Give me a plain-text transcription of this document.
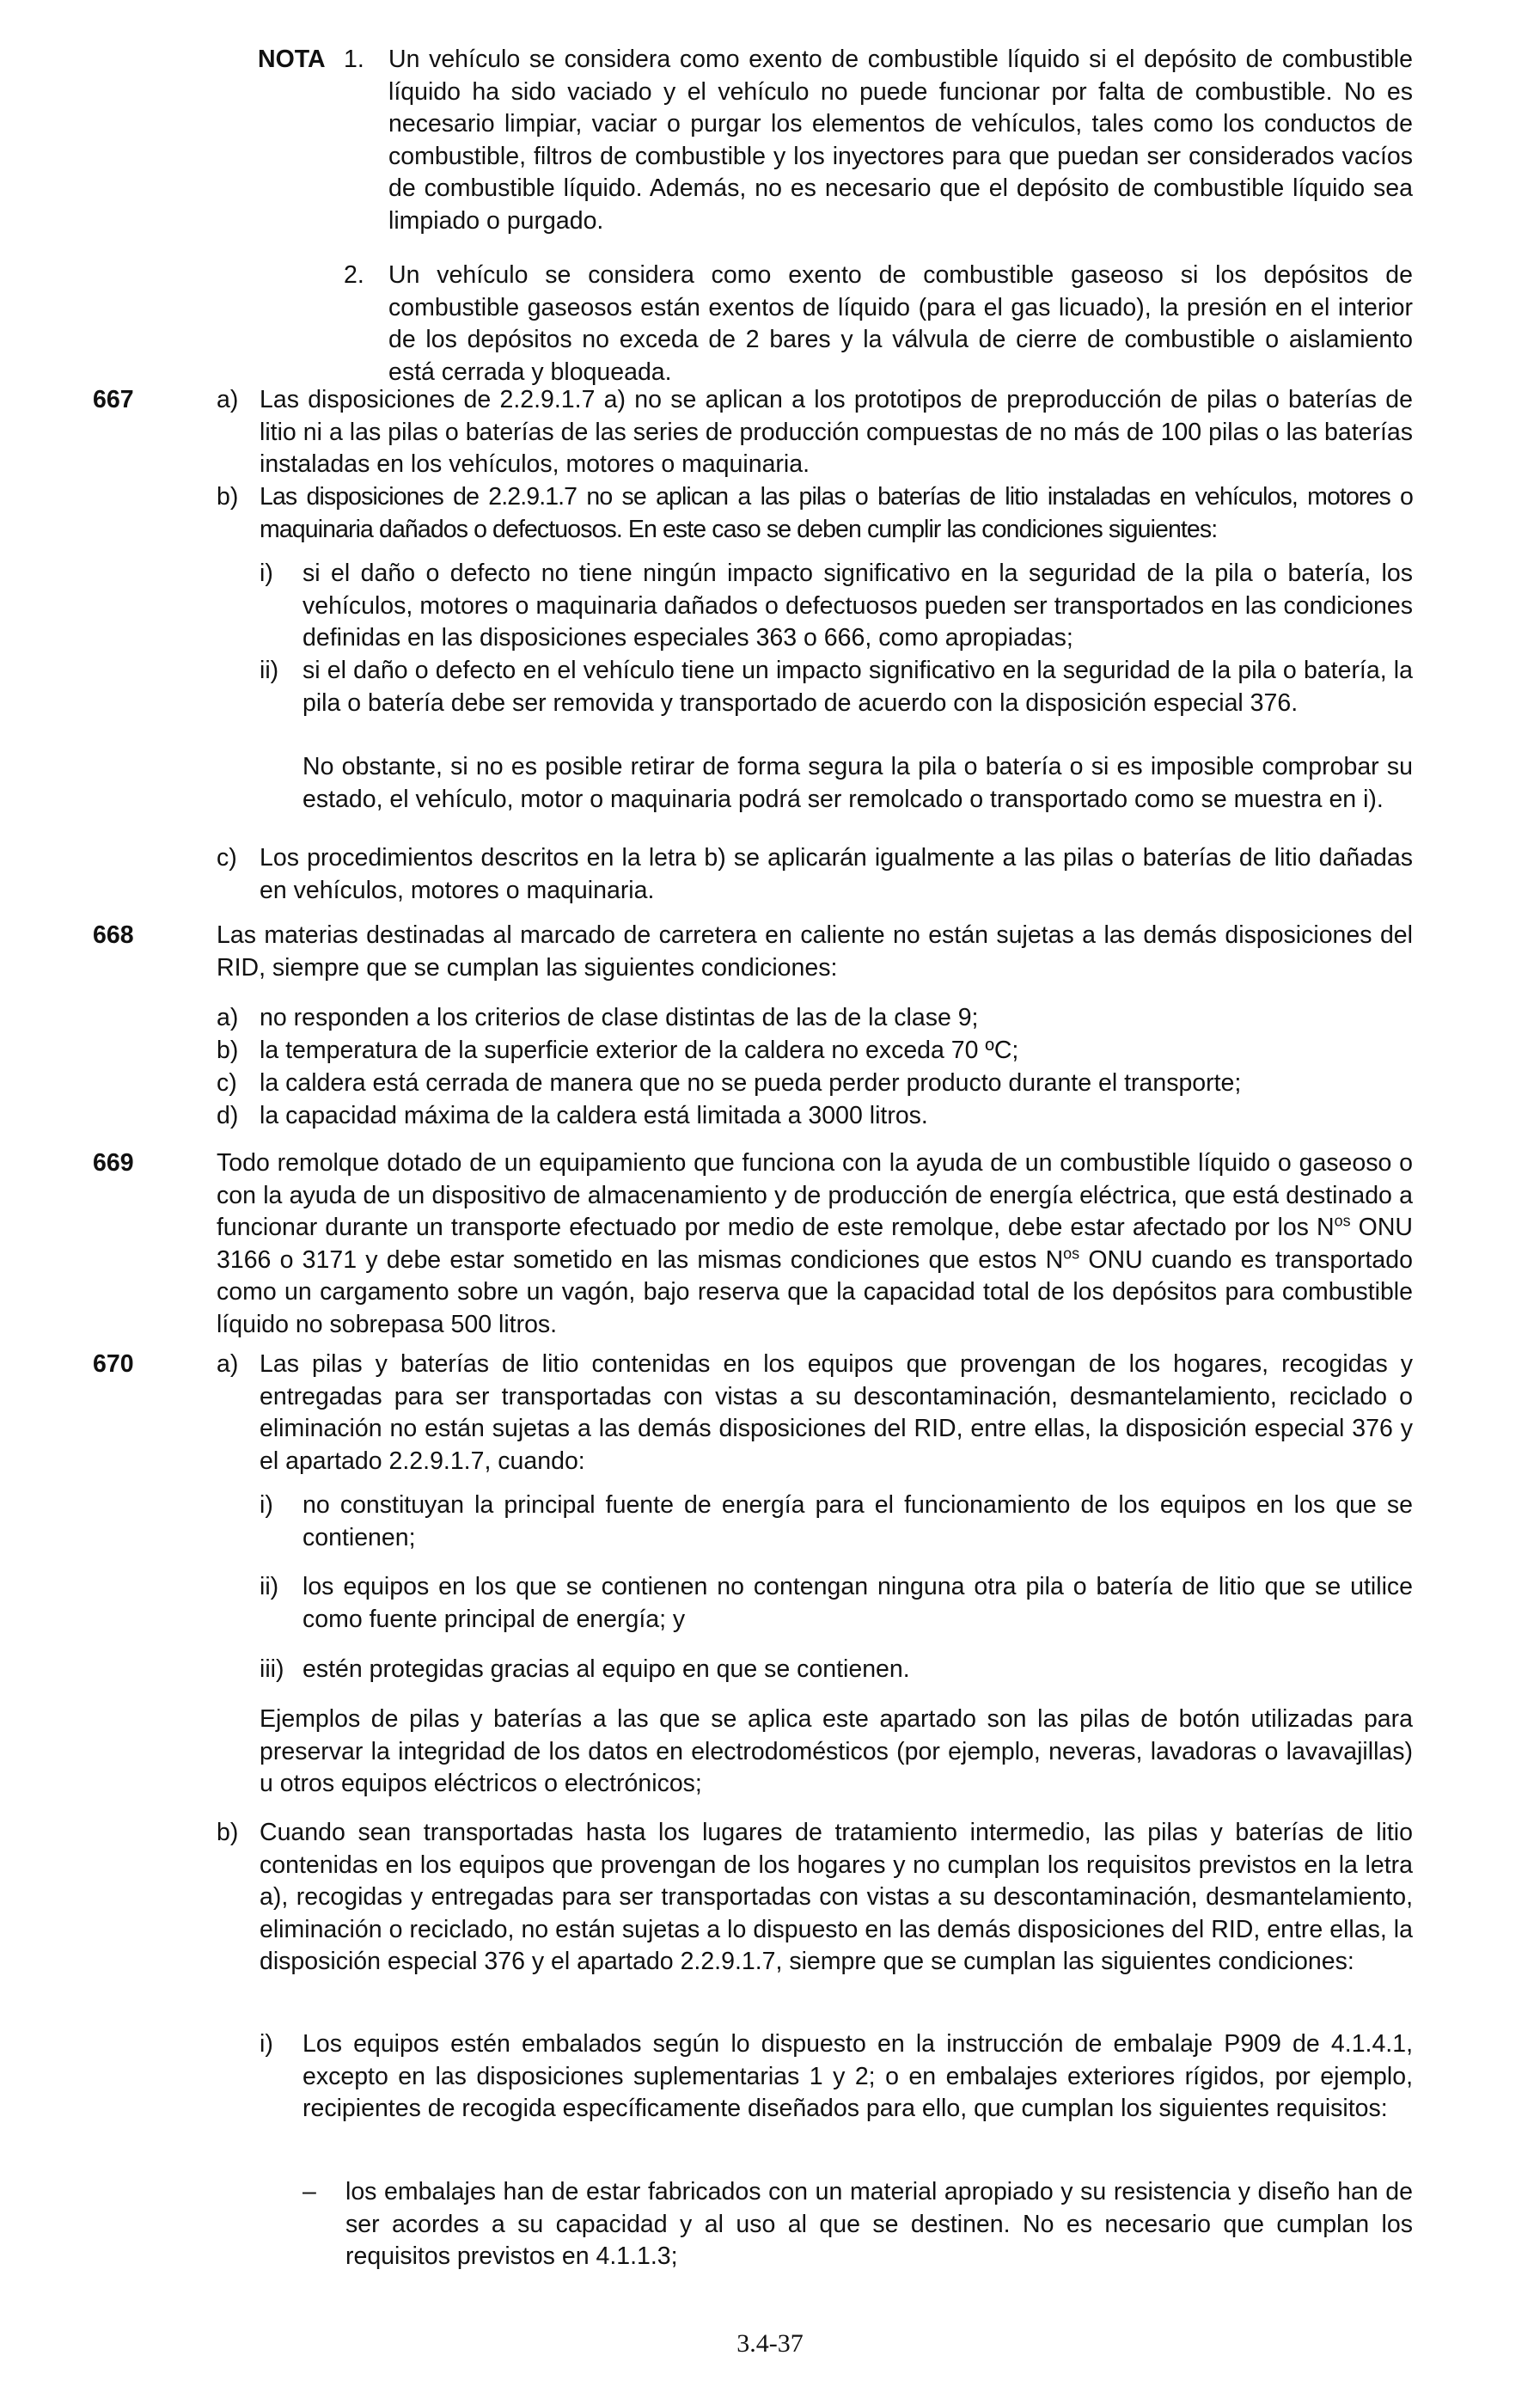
NOTA 1. Un vehículo se considera como exento de combustible líquido si el depósito de combustible líquido ha sido vaciado y el vehículo no puede funcionar por falta de combustible. No es necesario limpiar, vaciar o purgar los elementos de vehículos, tales como los conductos de combustible, filtros de combustible y los inyectores para que puedan ser considerados vacíos de combustible líquido. Además, no es necesario que el depósito de combustible líquido sea limpiado o purgado.

2. Un vehículo se considera como exento de combustible gaseoso si los depósitos de combustible gaseosos están exentos de líquido (para el gas licuado), la presión en el interior de los depósitos no exceda de 2 bares y la válvula de cierre de combustible o aislamiento está cerrada y bloqueada.

667	a) Las disposiciones de 2.2.9.1.7 a) no se aplican a los prototipos de preproducción de pilas o baterías de litio ni a las pilas o baterías de las series de producción compuestas de no más de 100 pilas o las baterías instaladas en los vehículos, motores o maquinaria.

b) Las disposiciones de 2.2.9.1.7 no se aplican a las pilas o baterías de litio instaladas en vehículos, motores o maquinaria dañados o defectuosos. En este caso se deben cumplir las condiciones siguientes:

i) si el daño o defecto no tiene ningún impacto significativo en la seguridad de la pila o batería, los vehículos, motores o maquinaria dañados o defectuosos pueden ser transportados en las condiciones definidas en las disposiciones especiales 363 o 666, como apropiadas;

ii) si el daño o defecto en el vehículo tiene un impacto significativo en la seguridad de la pila o batería, la pila o batería debe ser removida y transportado de acuerdo con la disposición especial 376.

No obstante, si no es posible retirar de forma segura la pila o batería o si es imposible comprobar su estado, el vehículo, motor o maquinaria podrá ser remolcado o transportado como se muestra en i).

c) Los procedimientos descritos en la letra b) se aplicarán igualmente a las pilas o baterías de litio dañadas en vehículos, motores o maquinaria.

668	Las materias destinadas al marcado de carretera en caliente no están sujetas a las demás disposiciones del RID, siempre que se cumplan las siguientes condiciones:

a) no responden a los criterios de clase distintas de las de la clase 9;

b) la temperatura de la superficie exterior de la caldera no exceda 70 ºC;

c) la caldera está cerrada de manera que no se pueda perder producto durante el transporte;

d) la capacidad máxima de la caldera está limitada a 3000 litros.

669	Todo remolque dotado de un equipamiento que funciona con la ayuda de un combustible líquido o gaseoso o con la ayuda de un dispositivo de almacenamiento y de producción de energía eléctrica, que está destinado a funcionar durante un transporte efectuado por medio de este remolque, debe estar afectado por los $N^{os}$ ONU 3166 o 3171 y debe estar sometido en las mismas condiciones que estos $N^{os}$ ONU cuando es transportado como un cargamento sobre un vagón, bajo reserva que la capacidad total de los depósitos para combustible líquido no sobrepasa 500 litros.

670	a) Las pilas y baterías de litio contenidas en los equipos que provengan de los hogares, recogidas y entregadas para ser transportadas con vistas a su descontaminación, desmantelamiento, reciclado o eliminación no están sujetas a las demás disposiciones del RID, entre ellas, la disposición especial 376 y el apartado 2.2.9.1.7, cuando:

i) no constituyan la principal fuente de energía para el funcionamiento de los equipos en los que se contienen;

ii) los equipos en los que se contienen no contengan ninguna otra pila o batería de litio que se utilice como fuente principal de energía; y

iii) estén protegidas gracias al equipo en que se contienen.

Ejemplos de pilas y baterías a las que se aplica este apartado son las pilas de botón utilizadas para preservar la integridad de los datos en electrodomésticos (por ejemplo, neveras, lavadoras o lavavajillas) u otros equipos eléctricos o electrónicos;

b) Cuando sean transportadas hasta los lugares de tratamiento intermedio, las pilas y baterías de litio contenidas en los equipos que provengan de los hogares y no cumplan los requisitos previstos en la letra a), recogidas y entregadas para ser transportadas con vistas a su descontaminación, desmantelamiento, eliminación o reciclado, no están sujetas a lo dispuesto en las demás disposiciones del RID, entre ellas, la disposición especial 376 y el apartado 2.2.9.1.7, siempre que se cumplan las siguientes condiciones:

i) Los equipos estén embalados según lo dispuesto en la instrucción de embalaje P909 de 4.1.4.1, excepto en las disposiciones suplementarias 1 y 2; o en embalajes exteriores rígidos, por ejemplo, recipientes de recogida específicamente diseñados para ello, que cumplan los siguientes requisitos:

– los embalajes han de estar fabricados con un material apropiado y su resistencia y diseño han de ser acordes a su capacidad y al uso al que se destinen. No es necesario que cumplan los requisitos previstos en 4.1.1.3;

3.4-37
